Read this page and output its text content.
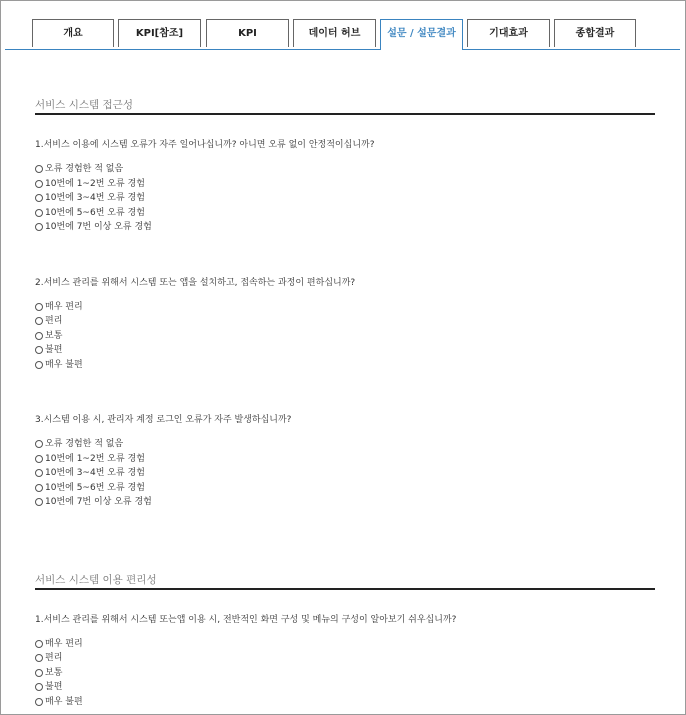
개요	KPI[참조]	KPI	데이터 허브	설문 / 설문결과	기대효과	종합결과
서비스 시스템 접근성
1.서비스 이용에 시스템 오류가 자주 일어나십니까? 아니면 오류 없이 안정적이십니까?
오류 경험한 적 없음
10번에 1~2번 오류 경험
10번에 3~4번 오류 경험
10번에 5~6번 오류 경험
10번에 7번 이상 오류 경험
2.서비스 관리를 위해서 시스템 또는 앱을 설치하고, 접속하는 과정이 편하십니까?
매우 편리
편리
보통
불편
매우 불편
3.시스템 이용 시, 관리자 계정 로그인 오류가 자주 발생하십니까?
오류 경험한 적 없음
10번에 1~2번 오류 경험
10번에 3~4번 오류 경험
10번에 5~6번 오류 경험
10번에 7번 이상 오류 경험
서비스 시스템 이용 편리성
1.서비스 관리를 위해서 시스템 또는앱 이용 시, 전반적인 화면 구성 및 메뉴의 구성이 알아보기 쉬우십니까?
매우 편리
편리
보통
불편
매우 불편
